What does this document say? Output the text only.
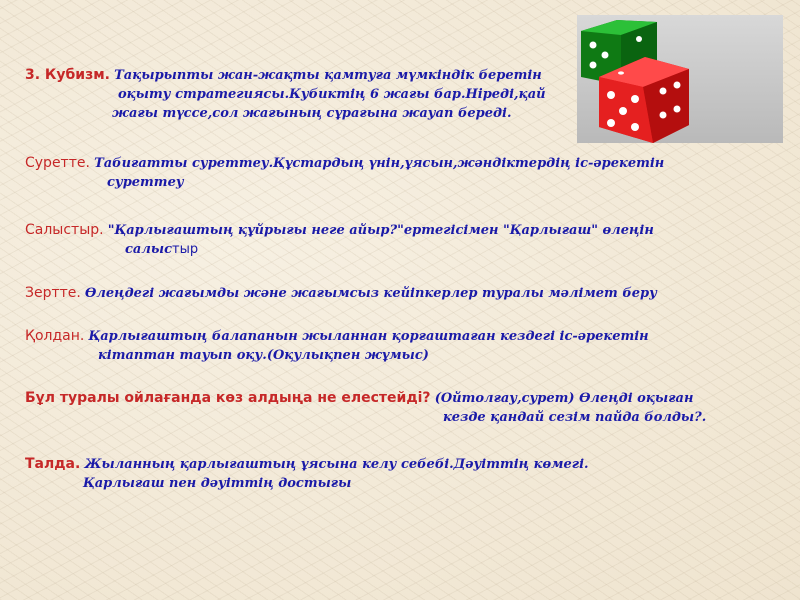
3. Кубизм. Тақырыпты жан-жақты қамтуға мүмкіндік беретін
оқыту стратегиясы.Кубиктің 6 жағы бар.Нiреді,қай
жағы түссе,сол жағының сұрағына жауап береді.
Суретте. Табиғатты суреттеу.Құстардың үнін,ұясын,жәндіктердің іс-әрекетін
суреттеу
Салыстыр. "Қарлығаштың құйрығы неге айыр?"ертегісімен "Қарлығаш" өлеңін
салыстыр
Зертте. Өлеңдегі жағымды және жағымсыз кейіпкерлер туралы мәлімет беру
Қолдан. Қарлығаштың балапанын жыланнан қорғаштаған кездегі іс-әрекетін
кітаптан тауып оқу.(Оқулықпен жұмыс)
Бұл туралы ойлағанда көз алдыңа не елестейді? (Ойтолғау,сурет) Өлеңді оқыған
кезде қандай сезім пайда болды?.
Талда. Жыланның қарлығаштың ұясына келу себебі.Дәуіттің көмегі.
Қарлығаш пен дәуіттің достығы
